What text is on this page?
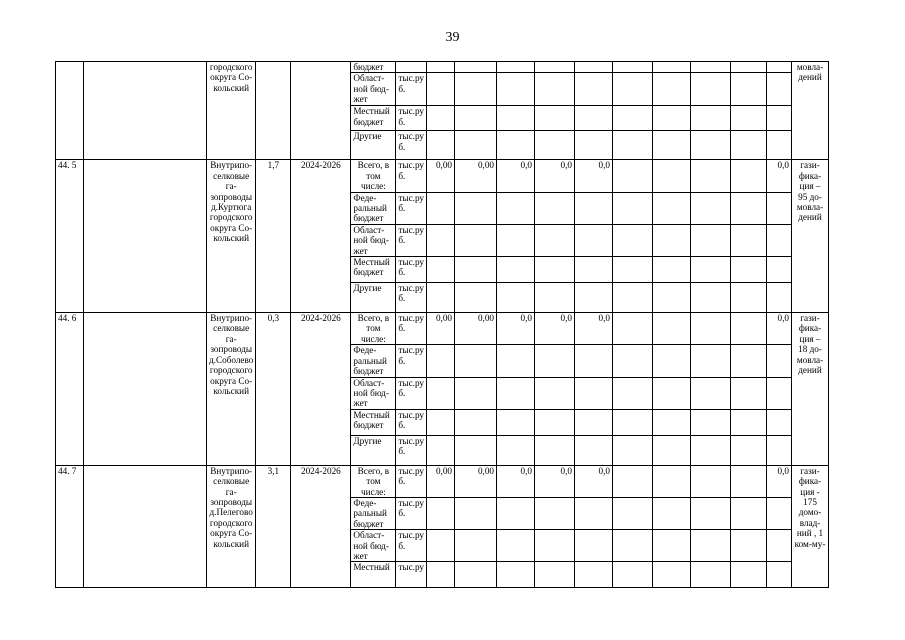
39
		городского округа Со-кольский			бюджет												мовла-дений
					Област-ной бюд-жет	тыс.ру б.											
					Местный бюджет	тыс.ру б.											
					Другие	тыс.ру б.											
44. 5		Внутрипо-селковые га-зопроводы д.Куртюга городского округа Со-кольский	1,7	2024-2026	Всего, в том числе:	тыс.ру б.	0,00	0,00	0,0	0,0	0,0					0,0	гази-фика-ция – 95 до-мовла-дений
					Феде-ральный бюджет	тыс.ру б.											
					Област-ной бюд-жет	тыс.ру б.											
					Местный бюджет	тыс.ру б.											
					Другие	тыс.ру б.											
44. 6		Внутрипо-селковые га-зопроводы д.Соболево городского округа Со-кольский	0,3	2024-2026	Всего, в том числе:	тыс.ру б.	0,00	0,00	0,0	0,0	0,0					0,0	гази-фика-ция – 18 до-мовла-дений
					Феде-ральный бюджет	тыс.ру б.											
					Област-ной бюд-жет	тыс.ру б.											
					Местный бюджет	тыс.ру б.											
					Другие	тыс.ру б.											
44. 7		Внутрипо-селковые га-зопроводы д.Пелегово городского округа Со-кольский	3,1	2024-2026	Всего, в том числе:	тыс.ру б.	0,00	0,00	0,0	0,0	0,0					0,0	гази-фика-ция - 175 домо-влад-ний , 1 ком-му-
					Феде-ральный бюджет	тыс.ру б.											
					Област-ной бюд-жет	тыс.ру б.											
					Местный	тыс.ру											
